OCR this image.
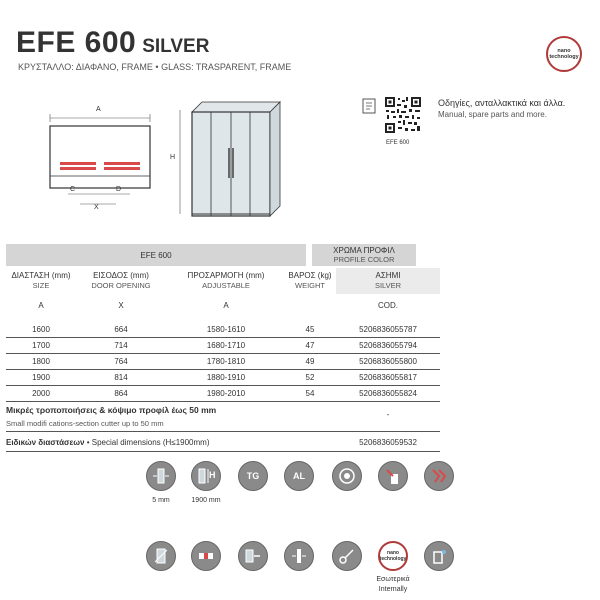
EFE 600 SILVER
ΚΡΥΣΤΑΛΛΟ: ΔΙΑΦΑΝΟ, FRAME • GLASS: TRASPARENT, FRAME
nano
technology
A
C	D
X
H
EFE 600
Οδηγίες, ανταλλακτικά και άλλα.
Manual, spare parts and more.
EFE 600	ΧΡΩΜΑ ΠΡΟΦΙΛ
PROFILE COLOR
ΔΙΑΣΤΑΣΗ (mm)
SIZE
ΕΙΣΟΔΟΣ (mm)
DOOR OPENING
ΠΡΟΣΑΡΜΟΓΗ (mm)
ADJUSTABLE
ΒΑΡΟΣ (kg)
WEIGHT
ΑΣΗΜΙ
SILVER
A	X	A	COD.
1600	664	1580-1610	45	5206836055787
1700	714	1680-1710	47	5206836055794
1800	764	1780-1810	49	5206836055800
1900	814	1880-1910	52	5206836055817
2000	864	1980-2010	54	5206836055824
Μικρές τροποποιήσεις & κόψιμο προφίλ έως 50 mm
Small modifi cations-section cutter up to 50 mm
-
Ειδικών διαστάσεων • Special dimensions (H≤1900mm)	5206836059532
5 mm
H
1900 mm
TG	AL
nano
technology
Εσωτερικά
Internally
